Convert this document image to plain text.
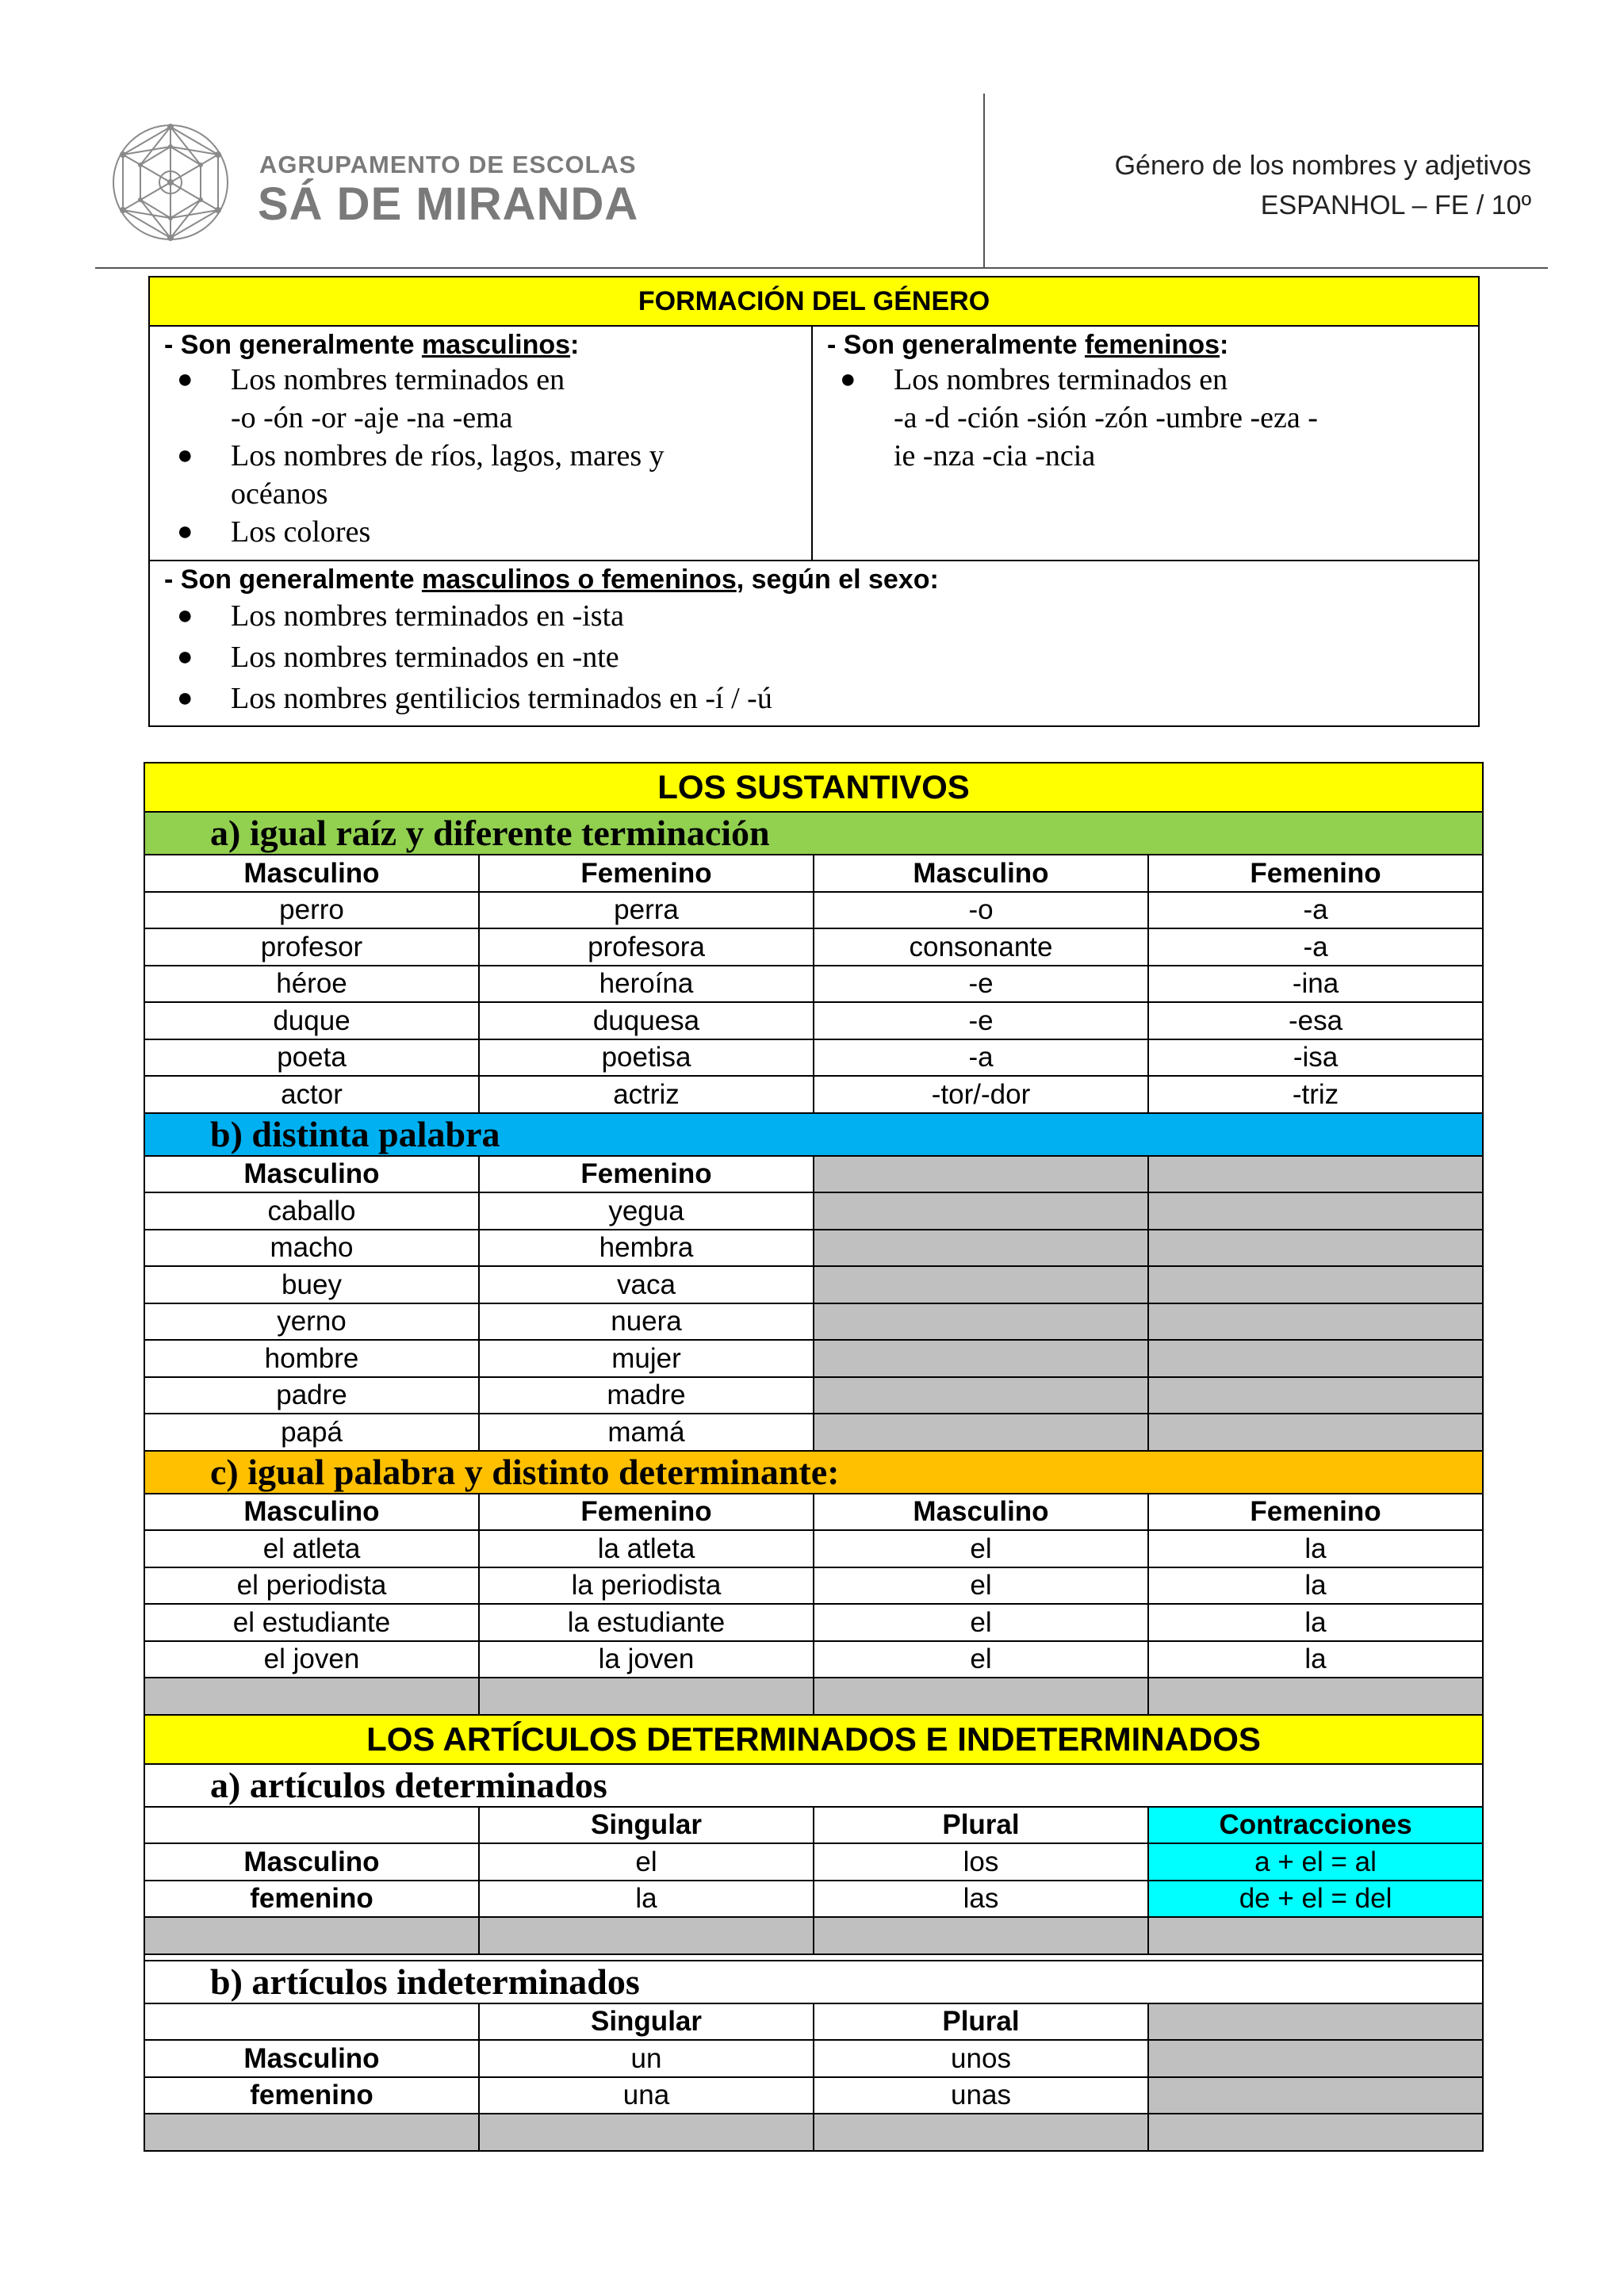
AGRUPAMENTO DE ESCOLAS
SÁ DE MIRANDA
Género de los nombres y adjetivos
ESPANHOL – FE / 10º
FORMACIÓN DEL GÉNERO

- Son generalmente masculinos:
● Los nombres terminados en
-o -ón -or -aje -na -ema
● Los nombres de ríos, lagos, mares y
océanos
● Los colores

- Son generalmente femeninos:
● Los nombres terminados en
-a -d -ción -sión -zón -umbre -eza -
ie -nza -cia -ncia

- Son generalmente masculinos o femeninos, según el sexo:
● Los nombres terminados en -ista
● Los nombres terminados en -nte
● Los nombres gentilicios terminados en -í / -ú
LOS SUSTANTIVOS			
a) igual raíz y diferente terminación			
Masculino	Femenino	Masculino	Femenino
perro	perra	-o	-a
profesor	profesora	consonante	-a
héroe	heroína	-e	-ina
duque	duquesa	-e	-esa
poeta	poetisa	-a	-isa
actor	actriz	-tor/-dor	-triz
b) distinta palabra			
Masculino	Femenino		
caballo	yegua		
macho	hembra		
buey	vaca		
yerno	nuera		
hombre	mujer		
padre	madre		
papá	mamá		
c) igual palabra y distinto determinante:			
Masculino	Femenino	Masculino	Femenino
el atleta	la atleta	el	la
el periodista	la periodista	el	la
el estudiante	la estudiante	el	la
el joven	la joven	el	la

LOS ARTÍCULOS DETERMINADOS E INDETERMINADOS			
a) artículos determinados			
	Singular	Plural	Contracciones
Masculino	el	los	a + el = al
femenino	la	las	de + el = del

b) artículos indeterminados			
	Singular	Plural	
Masculino	un	unos	
femenino	una	unas	
